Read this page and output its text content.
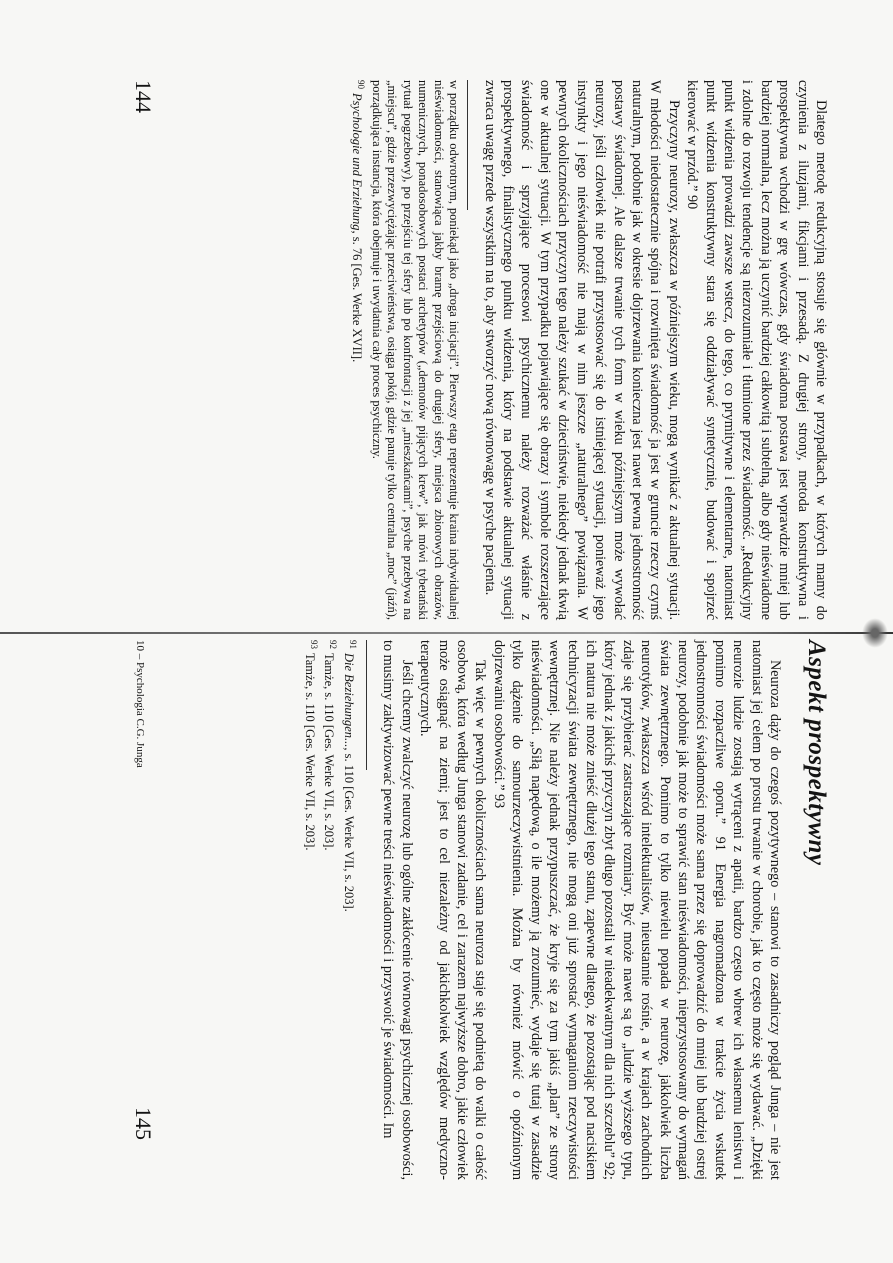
Dlatego metodę redukcyjną stosuje się głównie w przypadkach, w których mamy do czynienia z iluzjami, fikcjami i przesadą. Z drugiej strony, metoda konstruktywna i prospektywna wchodzi w grę wówczas, gdy świadoma postawa jest wprawdzie mniej lub bardziej normalna, lecz można ją uczynić bardziej całkowitą i subtelną, albo gdy nieświadome i zdolne do rozwoju tendencje są niezrozumiałe i tłumione przez świadomość. „Redukcyjny punkt widzenia prowadzi zawsze wstecz, do tego, co prymitywne i elementarne, natomiast punkt widzenia konstruktywny stara się oddziaływać syntetycznie, budować i spojrzeć kierować w przód.” 90

Przyczyny neurozy, zwłaszcza w późniejszym wieku, mogą wynikać z aktualnej sytuacji. W młodości niedostatecznie spójna i rozwinięta świadomość ja jest w gruncie rzeczy czymś naturalnym, podobnie jak w okresie dojrzewania konieczna jest nawet pewna jednostronność postawy świadomej. Ale dalsze trwanie tych form w wieku późniejszym może wywołać neurozy, jeśli człowiek nie potrafi przystosować się do istniejącej sytuacji, ponieważ jego instynkty i jego nieświadomość nie mają w nim jeszcze „naturalnego” powiązania. W pewnych okolicznościach przyczyn tego należy szukać w dzieciństwie, niekiedy jednak tkwią one w aktualnej sytuacji. W tym przypadku pojawiające się obrazy i symbole rozszerzające świadomość i sprzyjające procesowi psychicznemu należy rozważać właśnie z prospektywnego, finalistycznego punktu widzenia, który na podstawie aktualnej sytuacji zwraca uwagę przede wszystkim na to, aby stworzyć nową równowagę w psyche pacjenta.

w porządku odwrotnym, poniekąd jako „droga inicjacji”. Pierwszy etap reprezentuje kraina indywidualnej nieświadomości, stanowiąca jakby bramę przejściową do drugiej sfery, miejsca zbiorowych obrazów, numenicznych, ponadosobowych postaci archetypów („demonów pijących krew”, jak mówi tybetański rytuał pogrzebowy), po przejściu tej sfery lub po konfrontacji z jej „mieszkańcami”, psyche przebywa na „miejscu”, gdzie przezwyciężając przeciwieństwa, osiąga pokój, gdzie panuje tylko centralna „moc” (jaźń), porządkująca instancja, która obejmuje i uwydatnia cały proces psychiczny.

$^{90}$Psychologie und Erziehung, s. 76 [Ges. Werke XVII].

144
Aspekt prospektywny

Neuroza dąży do czegoś pozytywnego – stanowi to zasadniczy pogląd Junga – nie jest natomiast jej celem po prostu trwanie w chorobie, jak to często może się wydawać. „Dzięki neurozie ludzie zostają wytrąceni z apatii, bardzo często wbrew ich własnemu lenistwu i pomimo rozpaczliwe oporu.” 91 Energia nagromadzona w trakcie życia wskutek jednostronności świadomości może sama przez się doprowadzić do mniej lub bardziej ostrej neurozy, podobnie jak może to sprawić stan nieświadomości, nieprzystosowany do wymagań świata zewnętrznego. Pomimo to tylko niewielu popada w neurozę, jakkolwiek liczba neurotyków, zwłaszcza wśród intelektualistów, nieustannie rośnie, a w krajach zachodnich zdaje się przybierać zastraszające rozmiary. Być może nawet są to „ludzie wyższego typu, który jednak z jakichś przyczyn zbyt długo pozostali w nieadekwatnym dla nich szczeblu” 92; ich natura nie może znieść dłużej tego stanu, zapewne dlatego, że pozostając pod naciskiem technicyzacji świata zewnętrznego, nie mogą oni już sprostać wymaganiom rzeczywistości wewnętrznej. Nie należy jednak przypuszczać, że kryje się za tym jakiś „plan” ze strony nieświadomości. „Siłą napędową, o ile możemy ją zrozumieć, wydaje się tutaj w zasadzie tylko dążenie do samourzeczywistnienia. Można by również mówić o opóźnionym dojrzewaniu osobowości.” 93

Tak więc w pewnych okolicznościach sama neuroza staje się podnietą do walki o całość osobową, która według Junga stanowi zadanie, cel i zarazem najwyższe dobro, jakie człowiek może osiągnąć na ziemi; jest to cel niezależny od jakichkolwiek względów medyczno-terapeutycznych.

Jeśli chcemy zwalczyć neurozę lub ogólne zakłócenie równowagi psychicznej osobowości, to musimy zaktywizować pewne treści nieświadomości i przyswoić je świadomości. Im

$^{91}$Die Beziehungen..., s. 110 [Ges. Werke VII, s. 203].

$^{92}$Tamże, s. 110 [Ges. Werke VII, s. 203].

$^{93}$Tamże, s. 110 [Ges. Werke VII, s. 203].

10 – Psychologia C.G. Junga
145
